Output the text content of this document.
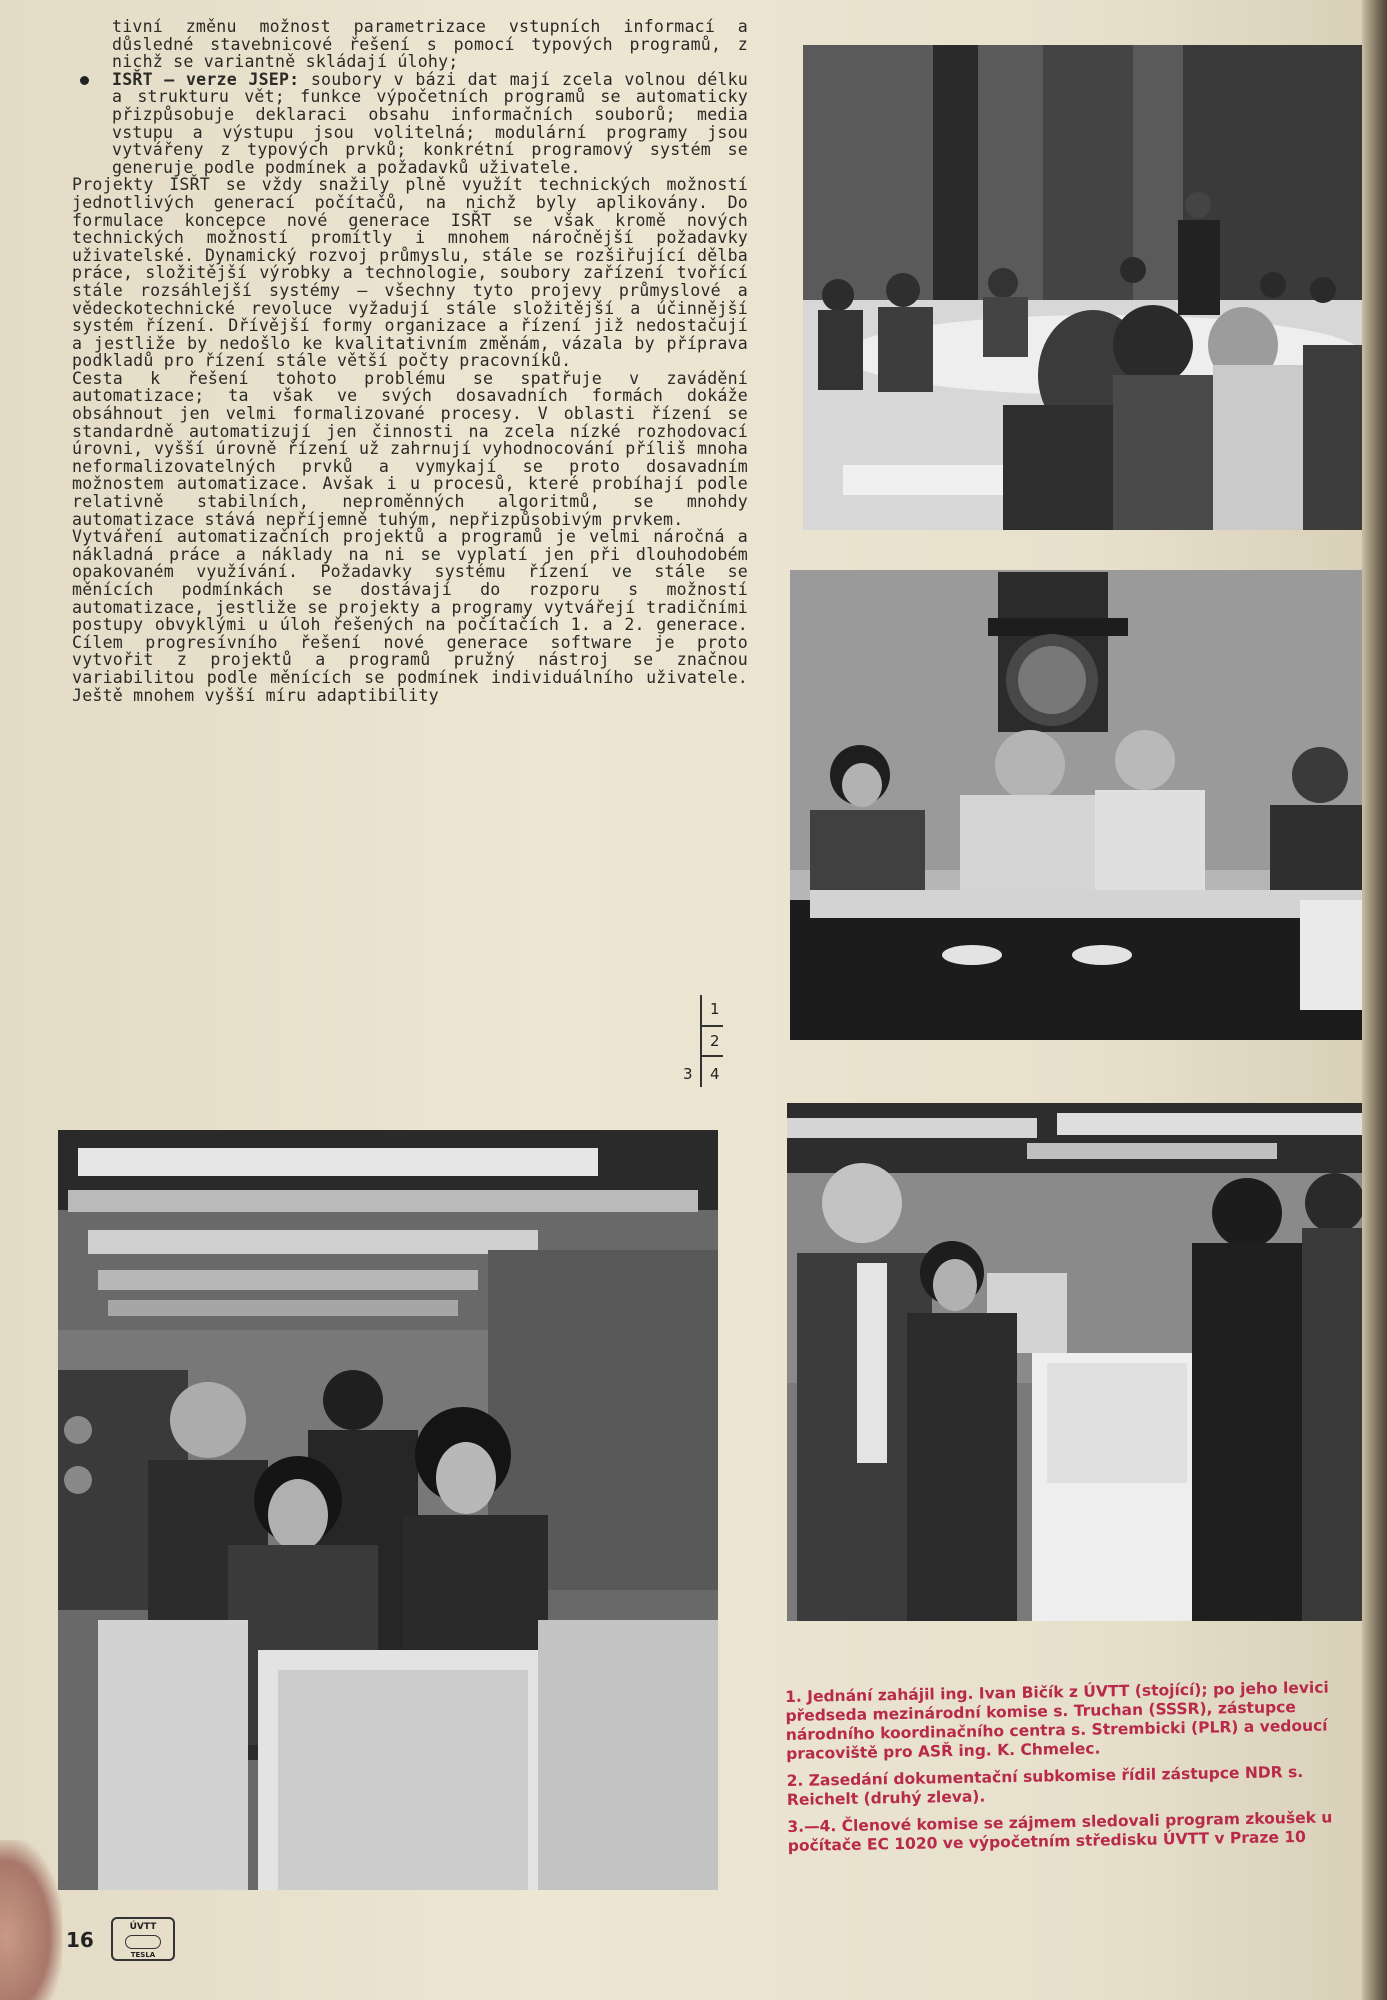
tivní změnu možnost parametrizace vstupních informací a důsledné stavebnicové řešení s pomocí typových programů, z nichž se variantně skládají úlohy;

ISŘT — verze JSEP: soubory v bázi dat mají zcela volnou délku a strukturu vět; funkce výpočetních programů se automaticky přizpůsobuje deklaraci obsahu informačních souborů; media vstupu a výstupu jsou volitelná; modulární programy jsou vytvářeny z typových prvků; konkrétní programový systém se generuje podle podmínek a požadavků uživatele.

Projekty ISŘT se vždy snažily plně využít technických možností jednotlivých generací počítačů, na nichž byly aplikovány. Do formulace koncepce nové generace ISŘT se však kromě nových technických možností promítly i mnohem náročnější požadavky uživatelské. Dynamický rozvoj průmyslu, stále se rozšiřující dělba práce, složitější výrobky a technologie, soubory zařízení tvořící stále rozsáhlejší systémy — všechny tyto projevy průmyslové a vědeckotechnické revoluce vyžadují stále složitější a účinnější systém řízení. Dřívější formy organizace a řízení již nedostačují a jestliže by nedošlo ke kvalitativním změnám, vázala by příprava podkladů pro řízení stále větší počty pracovníků.

Cesta k řešení tohoto problému se spatřuje v zavádění automatizace; ta však ve svých dosavadních formách dokáže obsáhnout jen velmi formalizované procesy. V oblasti řízení se standardně automatizují jen činnosti na zcela nízké rozhodovací úrovni, vyšší úrovně řízení už zahrnují vyhodnocování příliš mnoha neformalizovatelných prvků a vymykají se proto dosavadním možnostem automatizace. Avšak i u procesů, které probíhají podle relativně stabilních, neproměnných algoritmů, se mnohdy automatizace stává nepříjemně tuhým, nepřizpůsobivým prvkem.

Vytváření automatizačních projektů a programů je velmi náročná a nákladná práce a náklady na ni se vyplatí jen při dlouhodobém opakovaném využívání. Požadavky systému řízení ve stále se měnících podmínkách se dostávají do rozporu s možností automatizace, jestliže se projekty a programy vytvářejí tradičními postupy obvyklými u úloh řešených na počítačích 1. a 2. generace. Cílem progresívního řešení nové generace software je proto vytvořit z projektů a programů pružný nástroj se značnou variabilitou podle měnících se podmínek individuálního uživatele. Ještě mnohem vyšší míru adaptibility

1
2
3 4

1. Jednání zahájil ing. Ivan Bičík z ÚVTT (stojící); po jeho levici předseda mezinárodní komise s. Truchan (SSSR), zástupce národního koordinačního centra s. Strembicki (PLR) a vedoucí pracoviště pro ASŘ ing. K. Chmelec.

2. Zasedání dokumentační subkomise řídil zástupce NDR s. Reichelt (druhý zleva).

3.—4. Členové komise se zájmem sledovali program zkoušek u počítače EC 1020 ve výpočetním středisku ÚVTT v Praze 10

16
ÚVTT
TESLA
